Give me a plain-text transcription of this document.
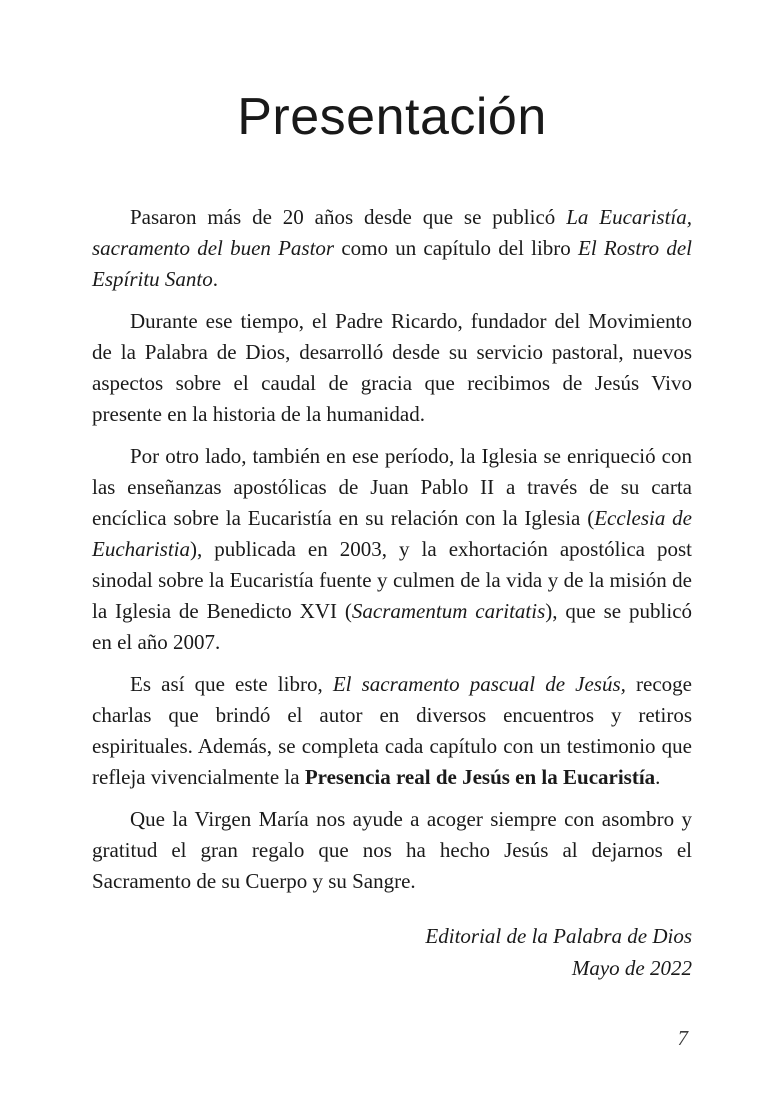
Presentación

Pasaron más de 20 años desde que se publicó La Eucaristía, sacramento del buen Pastor como un capítulo del libro El Rostro del Espíritu Santo.

Durante ese tiempo, el Padre Ricardo, fundador del Movimiento de la Palabra de Dios, desarrolló desde su servicio pastoral, nuevos aspectos sobre el caudal de gracia que recibimos de Jesús Vivo presente en la historia de la humanidad.

Por otro lado, también en ese período, la Iglesia se enriqueció con las enseñanzas apostólicas de Juan Pablo II a través de su carta encíclica sobre la Eucaristía en su relación con la Iglesia (Ecclesia de Eucharistia), publicada en 2003, y la exhortación apostólica post sinodal sobre la Eucaristía fuente y culmen de la vida y de la misión de la Iglesia de Benedicto XVI (Sacramentum caritatis), que se publicó en el año 2007.

Es así que este libro, El sacramento pascual de Jesús, recoge charlas que brindó el autor en diversos encuentros y retiros espirituales. Además, se completa cada capítulo con un testimonio que refleja vivencialmente la Presencia real de Jesús en la Eucaristía.

Que la Virgen María nos ayude a acoger siempre con asombro y gratitud el gran regalo que nos ha hecho Jesús al dejarnos el Sacramento de su Cuerpo y su Sangre.

Editorial de la Palabra de Dios
Mayo de 2022
7
